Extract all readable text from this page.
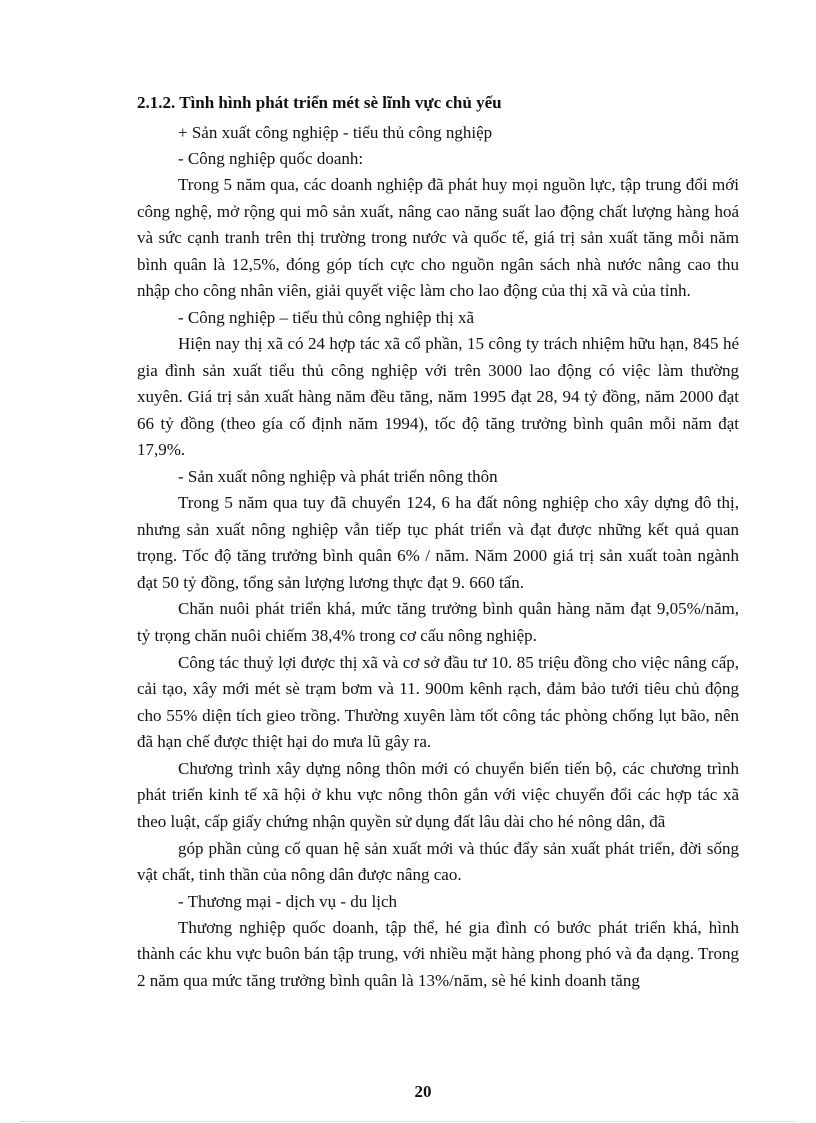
2.1.2. Tình hình phát triển mét sè lĩnh vực chủ yếu
+ Sản xuất công nghiệp - tiểu thủ công nghiệp
- Công nghiệp quốc doanh:

Trong 5 năm qua, các doanh nghiệp đã phát huy mọi nguồn lực, tập trung đổi mới công nghệ, mở rộng qui mô sản xuất, nâng cao năng suất lao động chất lượng hàng hoá và sức cạnh tranh trên thị trường trong nước và quốc tế, giá trị sản xuất tăng mỗi năm bình quân là 12,5%, đóng góp tích cực cho nguồn ngân sách nhà nước nâng cao thu nhập cho công nhân viên, giải quyết việc làm cho lao động của thị xã và của tỉnh.

- Công nghiệp – tiểu thủ công nghiệp thị xã

Hiện nay thị xã có 24 hợp tác xã cổ phần, 15 công ty trách nhiệm hữu hạn, 845 hé gia đình sản xuất tiểu thủ công nghiệp với trên 3000 lao động có việc làm thường xuyên. Giá trị sản xuất hàng năm đều tăng, năm 1995 đạt 28, 94 tỷ đồng, năm 2000 đạt 66 tỷ đồng (theo gía cố định năm 1994), tốc độ tăng trưởng bình quân mỗi năm đạt 17,9%.

- Sản xuất nông nghiệp và phát triển nông thôn

Trong 5 năm qua tuy đã chuyển 124, 6 ha đất nông nghiệp cho xây dựng đô thị, nhưng sản xuất nông nghiệp vẫn tiếp tục phát triển và đạt được những kết quả quan trọng. Tốc độ tăng trưởng bình quân 6% / năm. Năm 2000 giá trị sản xuất toàn ngành đạt 50 tỷ đồng, tổng sản lượng lương thực đạt 9. 660 tấn.

Chăn nuôi phát triển khá, mức tăng trưởng bình quân hàng năm đạt 9,05%/năm, tỷ trọng chăn nuôi chiếm 38,4% trong cơ cấu nông nghiệp.

Công tác thuỷ lợi được thị xã và cơ sở đầu tư 10. 85 triệu đồng cho việc nâng cấp, cải tạo, xây mới mét sè trạm bơm và 11. 900m kênh rạch, đảm bảo tưới tiêu chủ động cho 55% diện tích gieo trồng. Thường xuyên làm tốt công tác phòng chống lụt bão, nên đã hạn chế được thiệt hại do mưa lũ gây ra.

Chương trình xây dựng nông thôn mới có chuyển biến tiến bộ, các chương trình phát triển kinh tế xã hội ở khu vực nông thôn gắn với việc chuyển đổi các hợp tác xã theo luật, cấp giấy chứng nhận quyền sử dụng đất lâu dài cho hé nông dân, đã

góp phần củng cố quan hệ sản xuất mới và thúc đẩy sản xuất phát triển, đời sống vật chất, tinh thần của nông dân được nâng cao.

- Thương mại - dịch vụ - du lịch

Thương nghiệp quốc doanh, tập thể, hé gia đình có bước phát triển khá, hình thành các khu vực buôn bán tập trung, với nhiều mặt hàng phong phó và đa dạng. Trong 2 năm qua mức tăng trưởng bình quân là 13%/năm, sè hé kinh doanh tăng

20
